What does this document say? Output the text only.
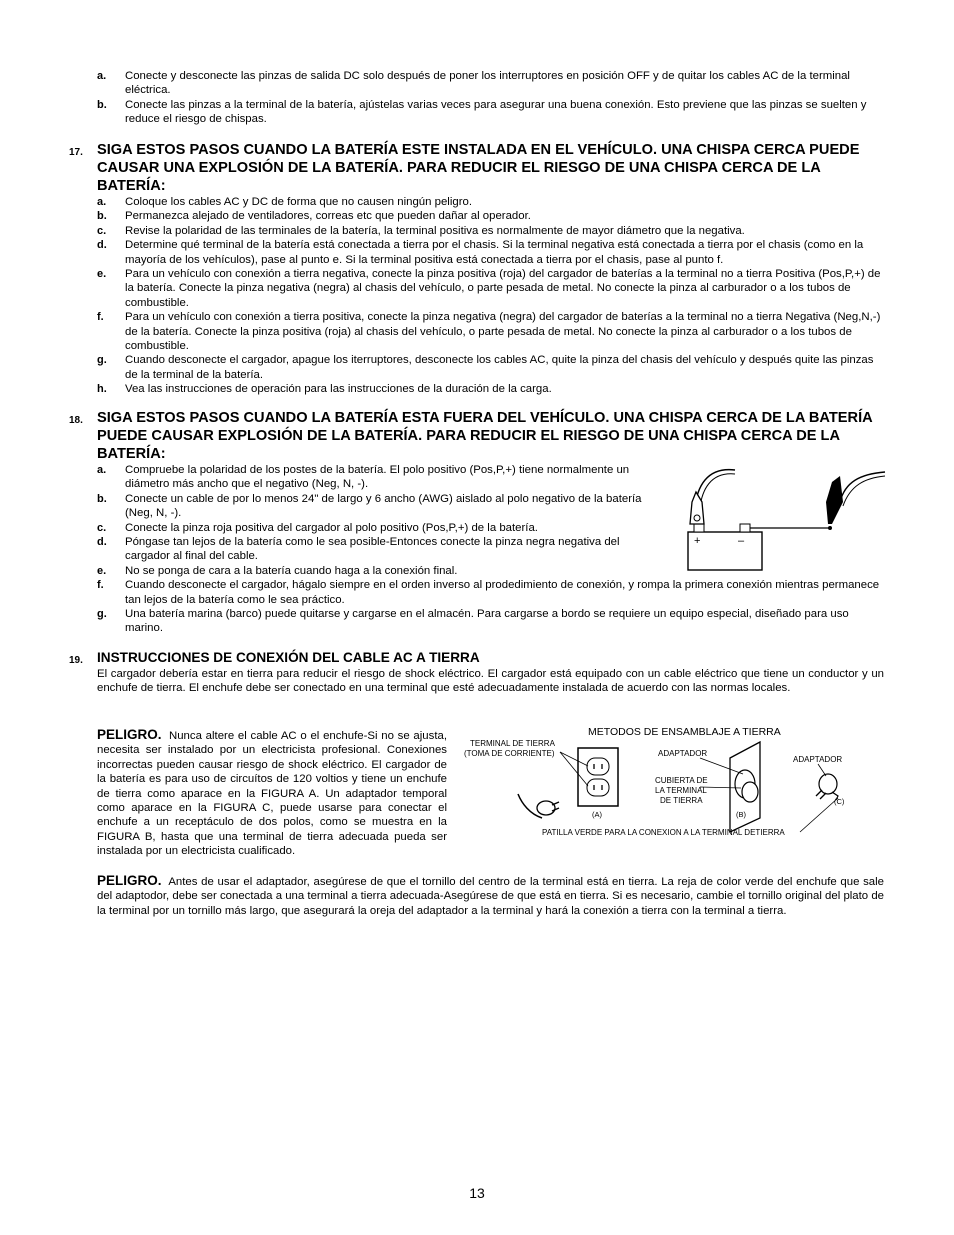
a. Conecte y desconecte las pinzas de salida DC solo después de poner los interruptores en posición OFF y de quitar los cables AC de la terminal eléctrica.
b. Conecte las pinzas a la terminal de la batería, ajústelas varias veces para asegurar una buena conexión. Esto previene que las pinzas se suelten y reduce el riesgo de chispas.
17. SIGA ESTOS PASOS CUANDO LA BATERÍA ESTE INSTALADA EN EL VEHÍCULO. UNA CHISPA CERCA PUEDE CAUSAR UNA EXPLOSIÓN DE LA BATERÍA. PARA REDUCIR EL RIESGO DE UNA CHISPA CERCA DE LA BATERÍA:
a. Coloque los cables AC y DC de forma que no causen ningún peligro.
b. Permanezca alejado de ventiladores, correas etc que pueden dañar al operador.
c. Revise la polaridad de las terminales de la batería, la terminal positiva es normalmente de mayor diámetro que la negativa.
d. Determine qué terminal de la batería está conectada a tierra por el chasis. Si la terminal negativa está conectada a tierra por el chasis (como en la mayoría de los vehículos), pase al punto e. Si la terminal positiva está conectada a tierra por el chasis, pase al punto f.
e. Para un vehículo con conexión a tierra negativa, conecte la pinza positiva (roja) del cargador de baterías a la terminal no a tierra Positiva (Pos,P,+) de la batería. Conecte la pinza negativa (negra) al chasis del vehículo, o parte pesada de metal. No conecte la pinza al carburador o a los tubos de combustible.
f. Para un vehículo con conexión a tierra positiva, conecte la pinza negativa (negra) del cargador de baterías a la terminal no a tierra Negativa (Neg,N,-) de la batería. Conecte la pinza positiva (roja) al chasis del vehículo, o parte pesada de metal. No conecte la pinza al carburador o a los tubos de combustible.
g. Cuando desconecte el cargador, apague los iterruptores, desconecte los cables AC, quite la pinza del chasis del vehículo y después quite las pinzas de la terminal de la batería.
h. Vea las instrucciones de operación para las instrucciones de la duración de la carga.
18. SIGA ESTOS PASOS CUANDO LA BATERÍA ESTA FUERA DEL VEHÍCULO. UNA CHISPA CERCA DE LA BATERÍA PUEDE CAUSAR EXPLOSIÓN DE LA BATERÍA. PARA REDUCIR EL RIESGO DE UNA CHISPA CERCA DE LA BATERÍA:
a. Compruebe la polaridad de los postes de la batería. El polo positivo (Pos,P,+) tiene normalmente un diámetro más ancho que el negativo (Neg, N, -).
b. Conecte un cable de por lo menos 24" de largo y 6 ancho (AWG) aislado al polo negativo de la batería (Neg, N, -).
c. Conecte la pinza roja positiva del cargador al polo positivo (Pos,P,+) de la batería.
d. Póngase tan lejos de la batería como le sea posible-Entonces conecte la pinza negra negativa del cargador al final del cable.
e. No se ponga de cara a la batería cuando haga a la conexión final.
f. Cuando desconecte el cargador, hágalo siempre en el orden inverso al prodedimiento de conexión, y rompa la primera conexión mientras permanece tan lejos de la batería como le sea práctico.
g. Una batería marina (barco) puede quitarse y cargarse en el almacén. Para cargarse a bordo se requiere un equipo especial, diseñado para uso marino.
+	–
19. INSTRUCCIONES DE CONEXIÓN DEL CABLE AC A TIERRA
El cargador debería estar en tierra para reducir el riesgo de shock eléctrico. El cargador está equipado con un cable eléctrico que tiene un conductor y un enchufe de tierra. El enchufe debe ser conectado en una terminal que esté adecuadamente instalada de acuerdo con las normas locales.
PELIGRO. Nunca altere el cable AC o el enchufe-Si no se ajusta, necesita ser instalado por un electricista profesional. Conexiones incorrectas pueden causar riesgo de shock eléctrico. El cargador de la batería es para uso de circuítos de 120 voltios y tiene un enchufe de tierra como aparace en la FIGURA A. Un adaptador temporal como aparace en la FIGURA C, puede usarse para conectar el enchufe a un receptáculo de dos polos, como se muestra en la FIGURA B, hasta que una terminal de tierra adecuada pueda ser instalada por un electricista cualificado.
METODOS DE ENSAMBLAJE A TIERRA
TERMINAL DE TIERRA
(TOMA DE CORRIENTE)	ADAPTADOR
ADAPTADOR
CUBIERTA DE
LA TERMINAL
DE TIERRA
(A)	(B)
(C)
PATILLA VERDE PARA LA CONEXION A LA TERMINAL DETIERRA
PELIGRO. Antes de usar el adaptador, asegúrese de que el tornillo del centro de la terminal está en tierra. La reja de color verde del enchufe que sale del adaptodor, debe ser conectada a una terminal a tierra adecuada-Asegúrese de que está en tierra. Si es necesario, cambie el tornillo original del plato de la terminal por un tornillo más largo, que asegurará la oreja del adaptador a la terminal y hará la conexión a tierra con la terminal a tierra.
13
